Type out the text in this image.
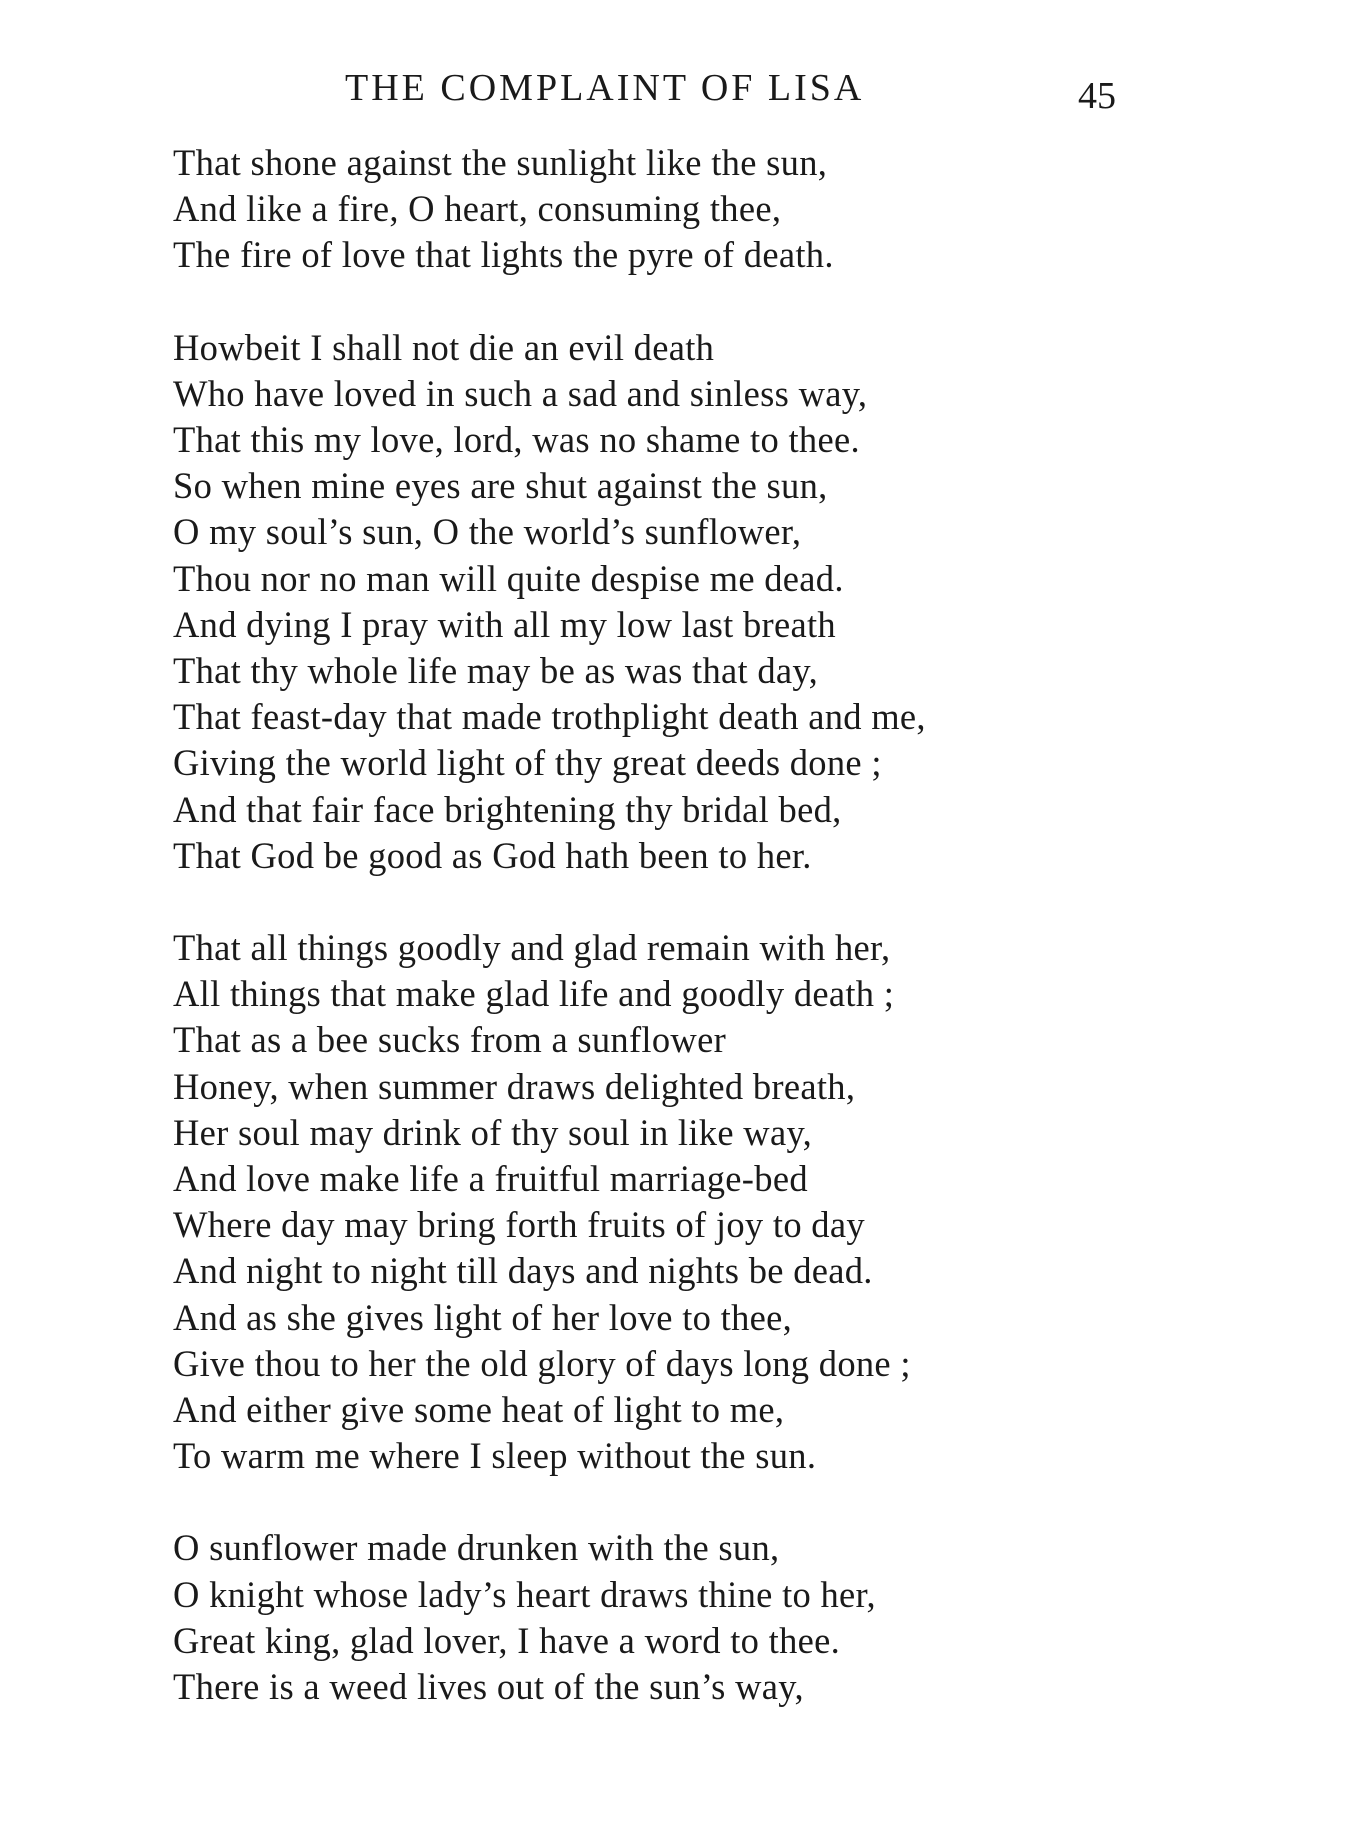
THE COMPLAINT OF LISA	45
That shone against the sunlight like the sun,
And like a fire, O heart, consuming thee,
The fire of love that lights the pyre of death.
Howbeit I shall not die an evil death
Who have loved in such a sad and sinless way,
That this my love, lord, was no shame to thee.
So when mine eyes are shut against the sun,
O my soul’s sun, O the world’s sunflower,
Thou nor no man will quite despise me dead.
And dying I pray with all my low last breath
That thy whole life may be as was that day,
That feast-day that made trothplight death and me,
Giving the world light of thy great deeds done ;
And that fair face brightening thy bridal bed,
That God be good as God hath been to her.
That all things goodly and glad remain with her,
All things that make glad life and goodly death ;
That as a bee sucks from a sunflower
Honey, when summer draws delighted breath,
Her soul may drink of thy soul in like way,
And love make life a fruitful marriage-bed
Where day may bring forth fruits of joy to day
And night to night till days and nights be dead.
And as she gives light of her love to thee,
Give thou to her the old glory of days long done ;
And either give some heat of light to me,
To warm me where I sleep without the sun.
O sunflower made drunken with the sun,
O knight whose lady’s heart draws thine to her,
Great king, glad lover, I have a word to thee.
There is a weed lives out of the sun’s way,
